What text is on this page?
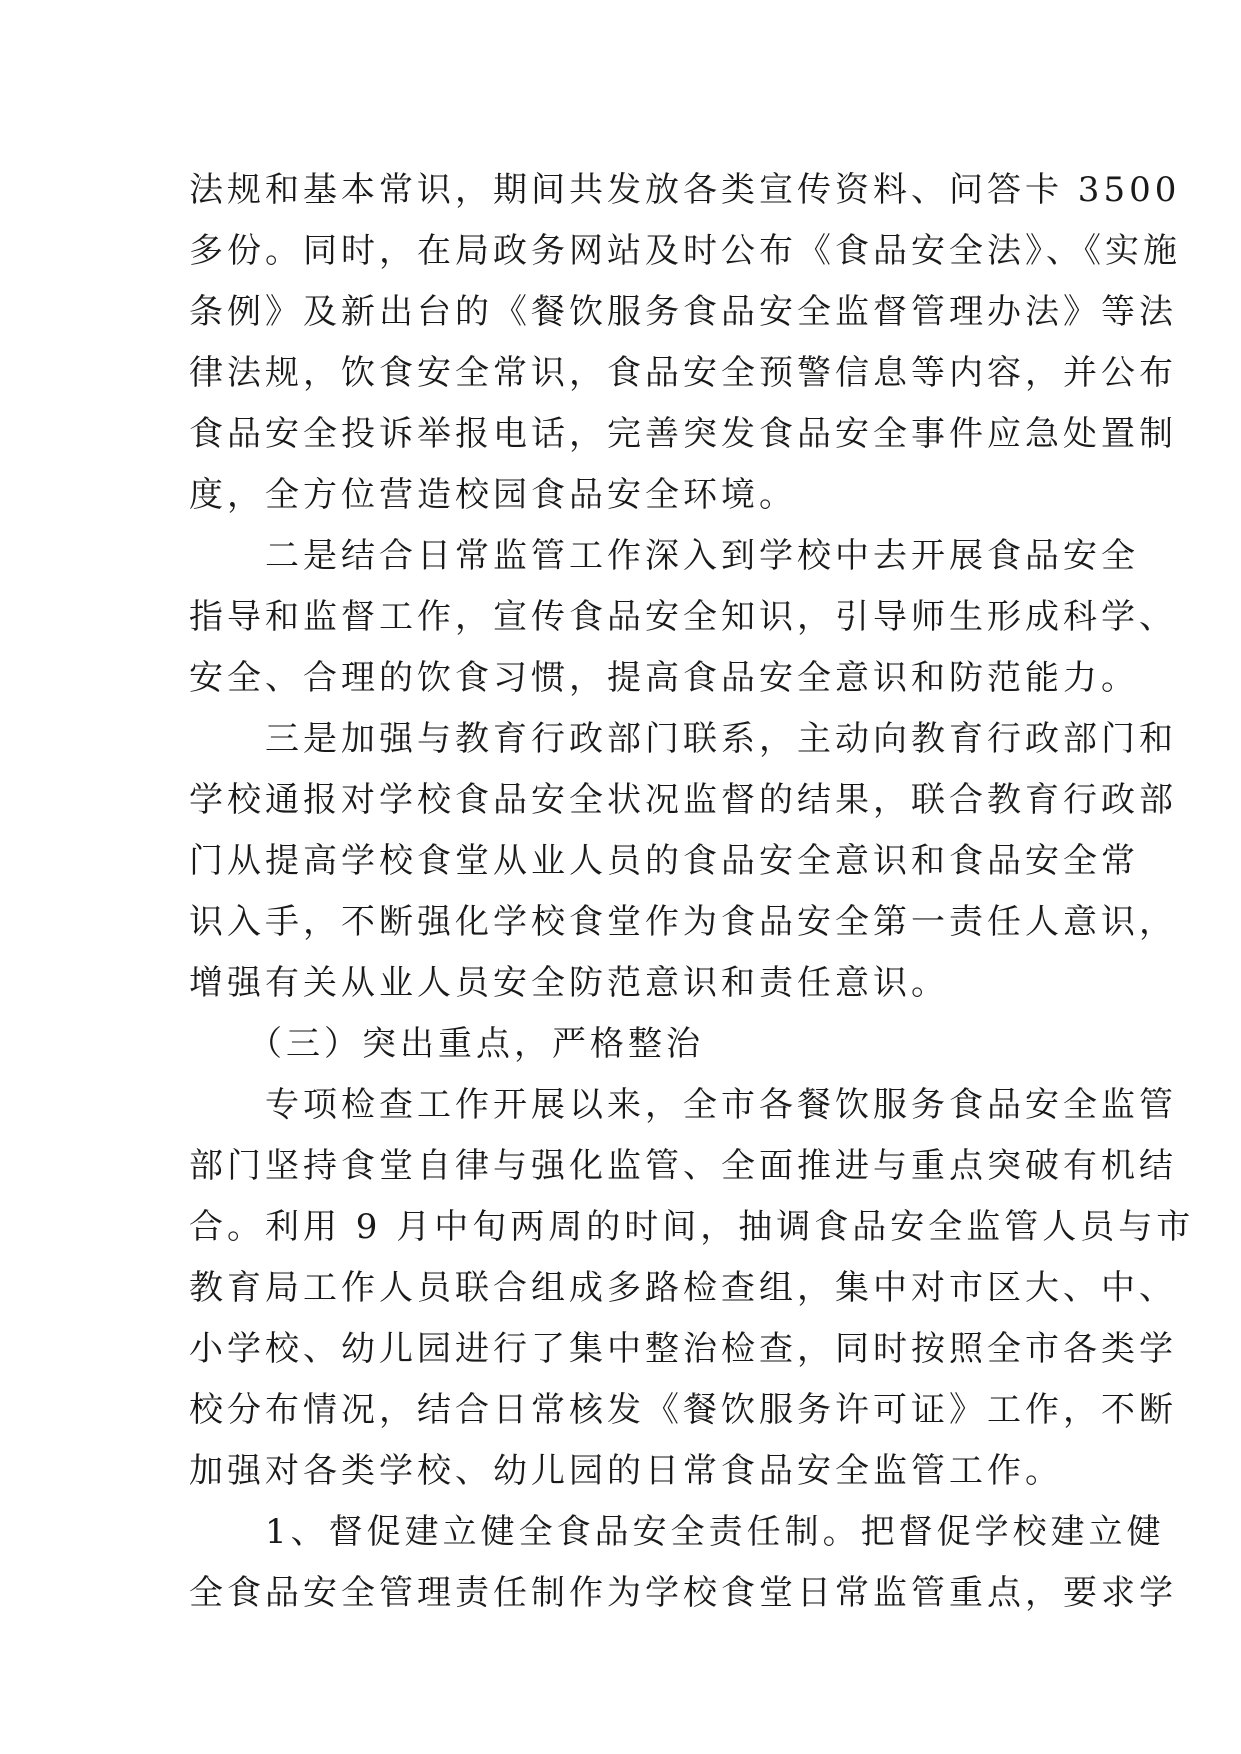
法规和基本常识，期间共发放各类宣传资料、问答卡 3500
多份。同时，在局政务网站及时公布《食品安全法》、《实施
条例》及新出台的《餐饮服务食品安全监督管理办法》等法
律法规，饮食安全常识，食品安全预警信息等内容，并公布
食品安全投诉举报电话，完善突发食品安全事件应急处置制
度，全方位营造校园食品安全环境。
　　二是结合日常监管工作深入到学校中去开展食品安全
指导和监督工作，宣传食品安全知识，引导师生形成科学、
安全、合理的饮食习惯，提高食品安全意识和防范能力。
　　三是加强与教育行政部门联系，主动向教育行政部门和
学校通报对学校食品安全状况监督的结果，联合教育行政部
门从提高学校食堂从业人员的食品安全意识和食品安全常
识入手，不断强化学校食堂作为食品安全第一责任人意识，
增强有关从业人员安全防范意识和责任意识。
　　（三）突出重点，严格整治
　　专项检查工作开展以来，全市各餐饮服务食品安全监管
部门坚持食堂自律与强化监管、全面推进与重点突破有机结
合。利用 9 月中旬两周的时间，抽调食品安全监管人员与市
教育局工作人员联合组成多路检查组，集中对市区大、中、
小学校、幼儿园进行了集中整治检查，同时按照全市各类学
校分布情况，结合日常核发《餐饮服务许可证》工作，不断
加强对各类学校、幼儿园的日常食品安全监管工作。
　　1、督促建立健全食品安全责任制。把督促学校建立健
全食品安全管理责任制作为学校食堂日常监管重点，要求学
